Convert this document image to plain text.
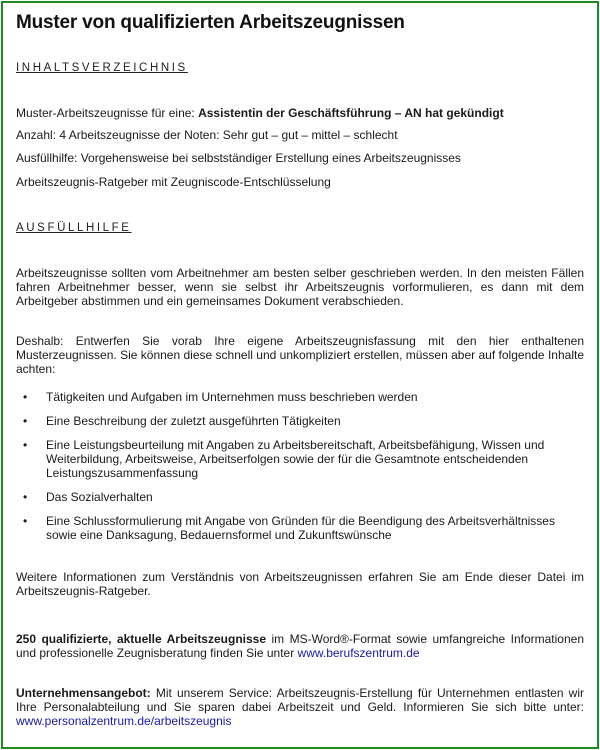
Muster von qualifizierten Arbeitszeugnissen
INHALTSVERZEICHNIS
Muster-Arbeitszeugnisse für eine: Assistentin der Geschäftsführung – AN hat gekündigt
Anzahl: 4 Arbeitszeugnisse der Noten: Sehr gut – gut – mittel – schlecht
Ausfüllhilfe: Vorgehensweise bei selbstständiger Erstellung eines Arbeitszeugnisses
Arbeitszeugnis-Ratgeber mit Zeugniscode-Entschlüsselung
AUSFÜLLHILFE
Arbeitszeugnisse sollten vom Arbeitnehmer am besten selber geschrieben werden. In den meisten Fällen fahren Arbeitnehmer besser, wenn sie selbst ihr Arbeitszeugnis vorformulieren, es dann mit dem Arbeitgeber abstimmen und ein gemeinsames Dokument verabschieden.
Deshalb: Entwerfen Sie vorab Ihre eigene Arbeitszeugnisfassung mit den hier enthaltenen Musterzeugnissen. Sie können diese schnell und unkompliziert erstellen, müssen aber auf folgende Inhalte achten:
• Tätigkeiten und Aufgaben im Unternehmen muss beschrieben werden
• Eine Beschreibung der zuletzt ausgeführten Tätigkeiten
• Eine Leistungsbeurteilung mit Angaben zu Arbeitsbereitschaft, Arbeitsbefähigung, Wissen und Weiterbildung, Arbeitsweise, Arbeitserfolgen sowie der für die Gesamtnote entscheidenden Leistungszusammenfassung
• Das Sozialverhalten
• Eine Schlussformulierung mit Angabe von Gründen für die Beendigung des Arbeitsverhältnisses sowie eine Danksagung, Bedauernsformel und Zukunftswünsche
Weitere Informationen zum Verständnis von Arbeitszeugnissen erfahren Sie am Ende dieser Datei im Arbeitszeugnis-Ratgeber.
250 qualifizierte, aktuelle Arbeitszeugnisse im MS-Word®-Format sowie umfangreiche Informationen und professionelle Zeugnisberatung finden Sie unter www.berufszentrum.de
Unternehmensangebot: Mit unserem Service: Arbeitszeugnis-Erstellung für Unternehmen entlasten wir Ihre Personalabteilung und Sie sparen dabei Arbeitszeit und Geld. Informieren Sie sich bitte unter: www.personalzentrum.de/arbeitszeugnis
